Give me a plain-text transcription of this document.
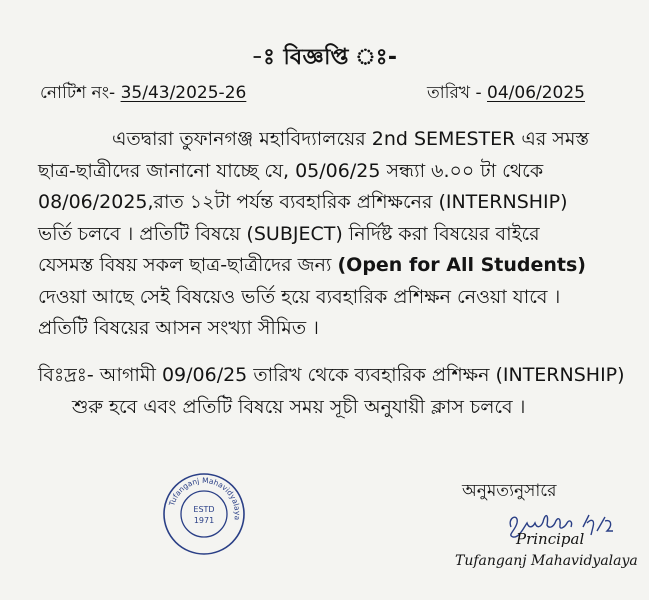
-ঃ বিজ্ঞপ্তি ঃ-
নোটিশ নং- 35/43/2025-26	তারিখ - 04/06/2025
এতদ্বারা তুফানগঞ্জ মহাবিদ্যালয়ের 2nd SEMESTER এর সমস্ত
ছাত্র-ছাত্রীদের জানানো যাচ্ছে যে, 05/06/25 সন্ধ্যা ৬.০০ টা থেকে
08/06/2025,রাত ১২টা পর্যন্ত ব্যবহারিক প্রশিক্ষনের (INTERNSHIP)
ভর্তি চলবে । প্রতিটি বিষয়ে (SUBJECT) নির্দিষ্ট করা বিষয়ের বাইরে
যেসমস্ত বিষয় সকল ছাত্র-ছাত্রীদের জন্য (Open for All Students)
দেওয়া আছে সেই বিষয়েও ভর্তি হয়ে ব্যবহারিক প্রশিক্ষন নেওয়া যাবে ।
প্রতিটি বিষয়ের আসন সংখ্যা সীমিত ।
বিঃদ্রঃ- আগামী 09/06/25 তারিখ থেকে ব্যবহারিক প্রশিক্ষন (INTERNSHIP)
শুরু হবে এবং প্রতিটি বিষয়ে সময় সূচী অনুযায়ী ক্লাস চলবে ।
Tufanganj Mahavidyalaya
ESTD
1971
অনুমত্যনুসারে
Principal
Tufanganj Mahavidyalaya
